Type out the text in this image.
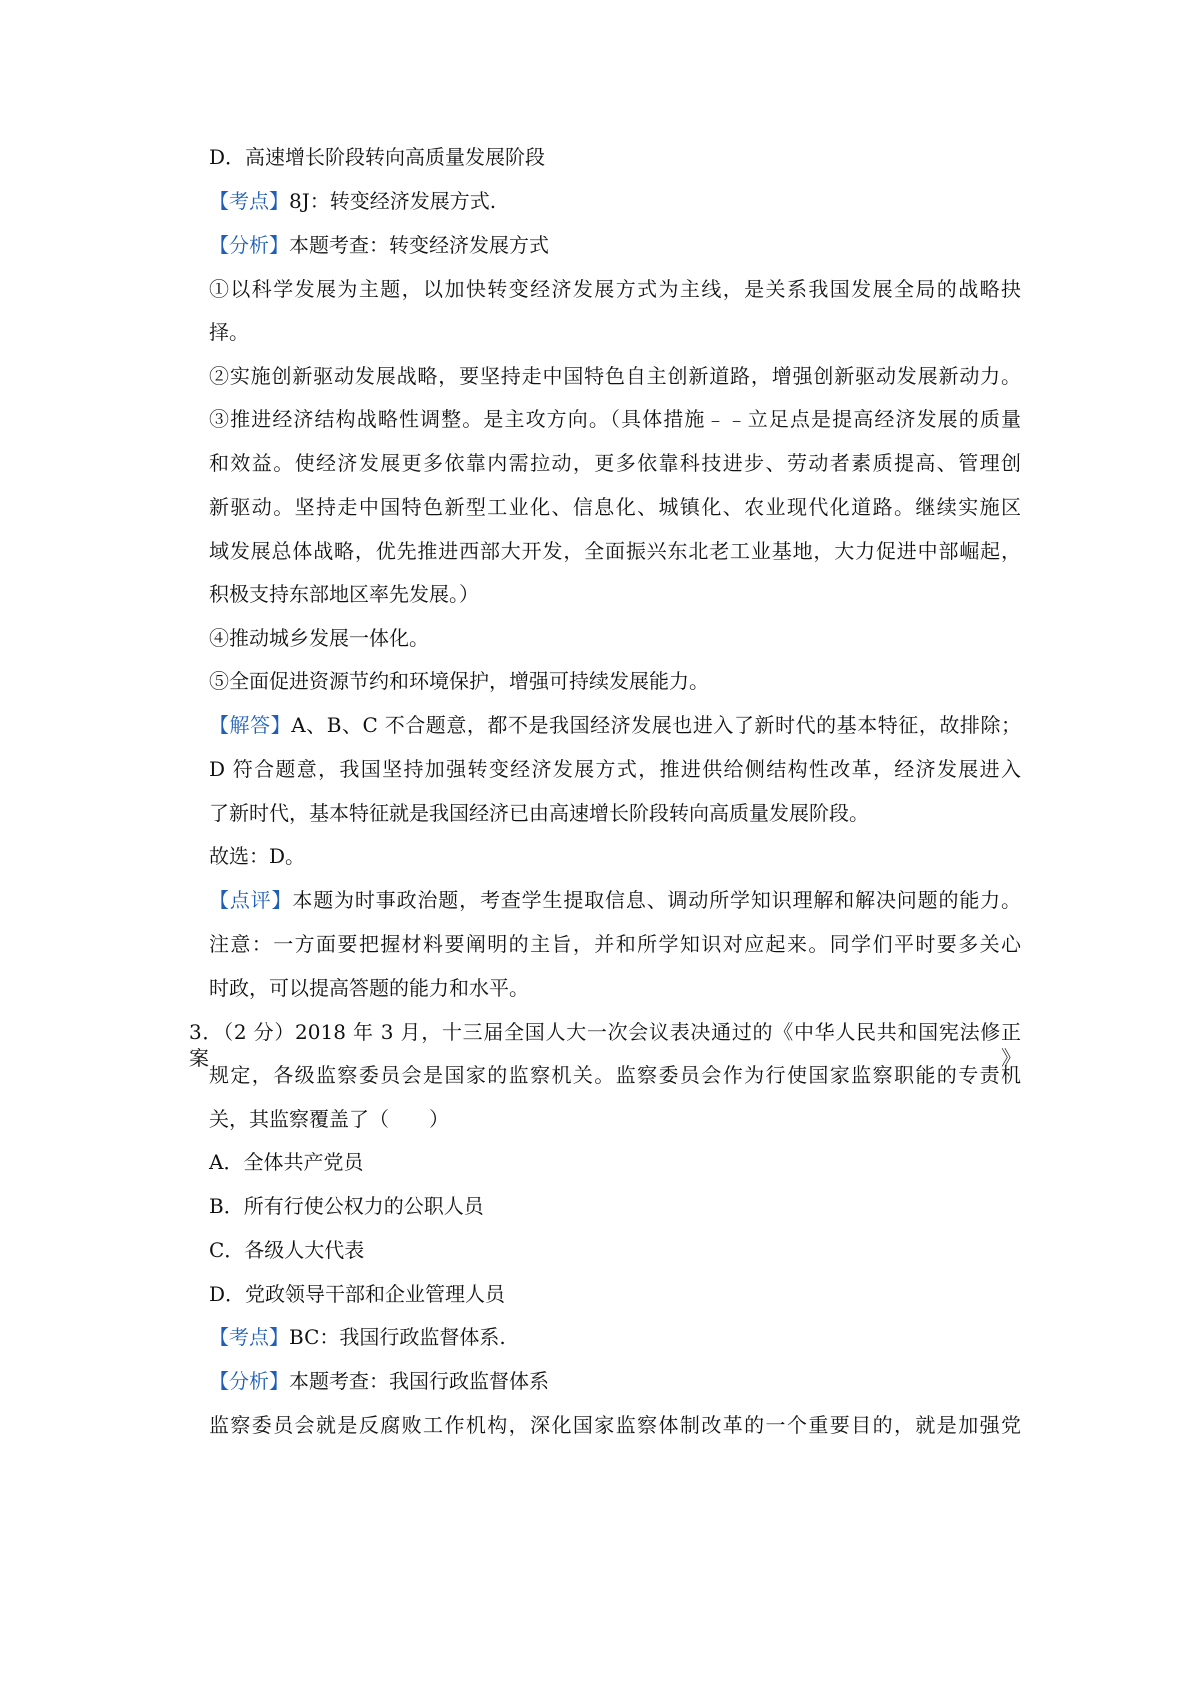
D．高速增长阶段转向高质量发展阶段
【考点】8J：转变经济发展方式.
【分析】本题考查：转变经济发展方式
①以科学发展为主题，以加快转变经济发展方式为主线，是关系我国发展全局的战略抉
择。
②实施创新驱动发展战略，要坚持走中国特色自主创新道路，增强创新驱动发展新动力。
③推进经济结构战略性调整。是主攻方向。（具体措施﹣﹣立足点是提高经济发展的质量
和效益。使经济发展更多依靠内需拉动，更多依靠科技进步、劳动者素质提高、管理创
新驱动。坚持走中国特色新型工业化、信息化、城镇化、农业现代化道路。继续实施区
域发展总体战略，优先推进西部大开发，全面振兴东北老工业基地，大力促进中部崛起，
积极支持东部地区率先发展。）
④推动城乡发展一体化。
⑤全面促进资源节约和环境保护，增强可持续发展能力。
【解答】A、B、C 不合题意，都不是我国经济发展也进入了新时代的基本特征，故排除；
D 符合题意，我国坚持加强转变经济发展方式，推进供给侧结构性改革，经济发展进入
了新时代，基本特征就是我国经济已由高速增长阶段转向高质量发展阶段。
故选：D。
【点评】本题为时事政治题，考查学生提取信息、调动所学知识理解和解决问题的能力。
注意：一方面要把握材料要阐明的主旨，并和所学知识对应起来。同学们平时要多关心
时政，可以提高答题的能力和水平。
3．（2 分）2018 年 3 月，十三届全国人大一次会议表决通过的《中华人民共和国宪法修正案》
规定，各级监察委员会是国家的监察机关。监察委员会作为行使国家监察职能的专责机
关，其监察覆盖了（　　）
A．全体共产党员
B．所有行使公权力的公职人员
C．各级人大代表
D．党政领导干部和企业管理人员
【考点】BC：我国行政监督体系.
【分析】本题考查：我国行政监督体系
监察委员会就是反腐败工作机构，深化国家监察体制改革的一个重要目的，就是加强党
